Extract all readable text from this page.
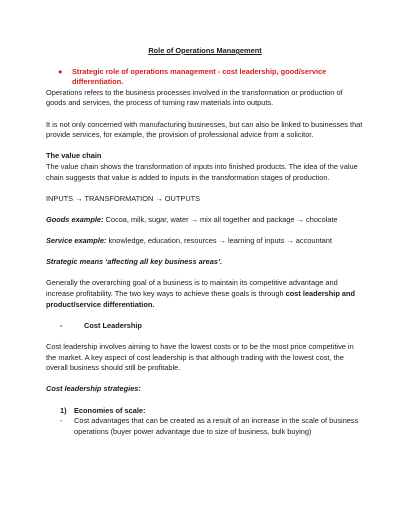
Role of Operations Management
●	Strategic role of operations management - cost leadership, good/service differentiation.

Operations refers to the business processes involved in the transformation or production of goods and services, the process of turning raw materials into outputs.

It is not only concerned with manufacturing businesses, but can also be linked to businesses that provide services, for example, the provision of professional advice from a solicitor.

The value chain

The value chain shows the transformation of inputs into finished products. The idea of the value chain suggests that value is added to inputs in the transformation stages of production.

INPUTS → TRANSFORMATION → OUTPUTS

Goods example: Cocoa, milk, sugar, water → mix all together and package → chocolate

Service example: knowledge, education, resources → learning of inputs → accountant

Strategic means ‘affecting all key business areas’.

Generally the overarching goal of a business is to maintain its competitive advantage and increase profitability. The two key ways to achieve these goals is through cost leadership and product/service differentiation.

-	Cost Leadership

Cost leadership involves aiming to have the lowest costs or to be the most price competitive in the market. A key aspect of cost leadership is that although trading with the lowest cost, the overall business should still be profitable.

Cost leadership strategies:

1)	Economies of scale:
-	Cost advantages that can be created as a result of an increase in the scale of business operations (buyer power advantage due to size of business, bulk buying)
